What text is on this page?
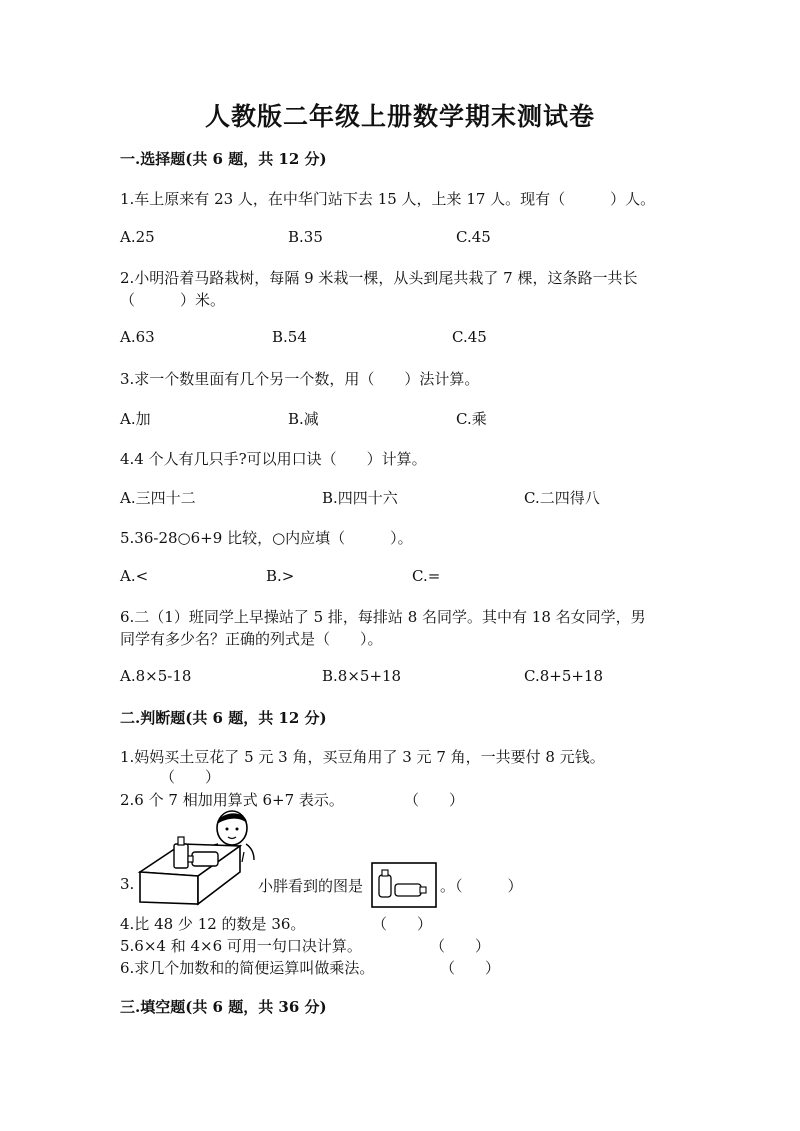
人教版二年级上册数学期末测试卷
一.选择题(共 6 题，共 12 分)
1.车上原来有 23 人，在中华门站下去 15 人，上来 17 人。现有（　　　）人。
A.25	B.35	C.45
2.小明沿着马路栽树，每隔 9 米栽一棵，从头到尾共栽了 7 棵，这条路一共长
（　　　）米。
A.63	B.54	C.45
3.求一个数里面有几个另一个数，用（　　）法计算。
A.加	B.减	C.乘
4.4 个人有几只手?可以用口诀（　　）计算。
A.三四十二	B.四四十六	C.二四得八
5.36-28○6+9 比较，○内应填（　　　）。
A.<	B.>	C.=
6.二（1）班同学上早操站了 5 排，每排站 8 名同学。其中有 18 名女同学，男
同学有多少名？正确的列式是（　　）。
A.8×5-18	B.8×5+18	C.8+5+18
二.判断题(共 6 题，共 12 分)
1.妈妈买土豆花了 5 元 3 角，买豆角用了 3 元 7 角，一共要付 8 元钱。
（　　）
2.6 个 7 相加用算式 6+7 表示。	（　　）
3.	小胖看到的图是	。（　　　）
4.比 48 少 12 的数是 36。	（　　）
5.6×4 和 4×6 可用一句口决计算。	（　　）
6.求几个加数和的简便运算叫做乘法。	（　　）
三.填空题(共 6 题，共 36 分)
